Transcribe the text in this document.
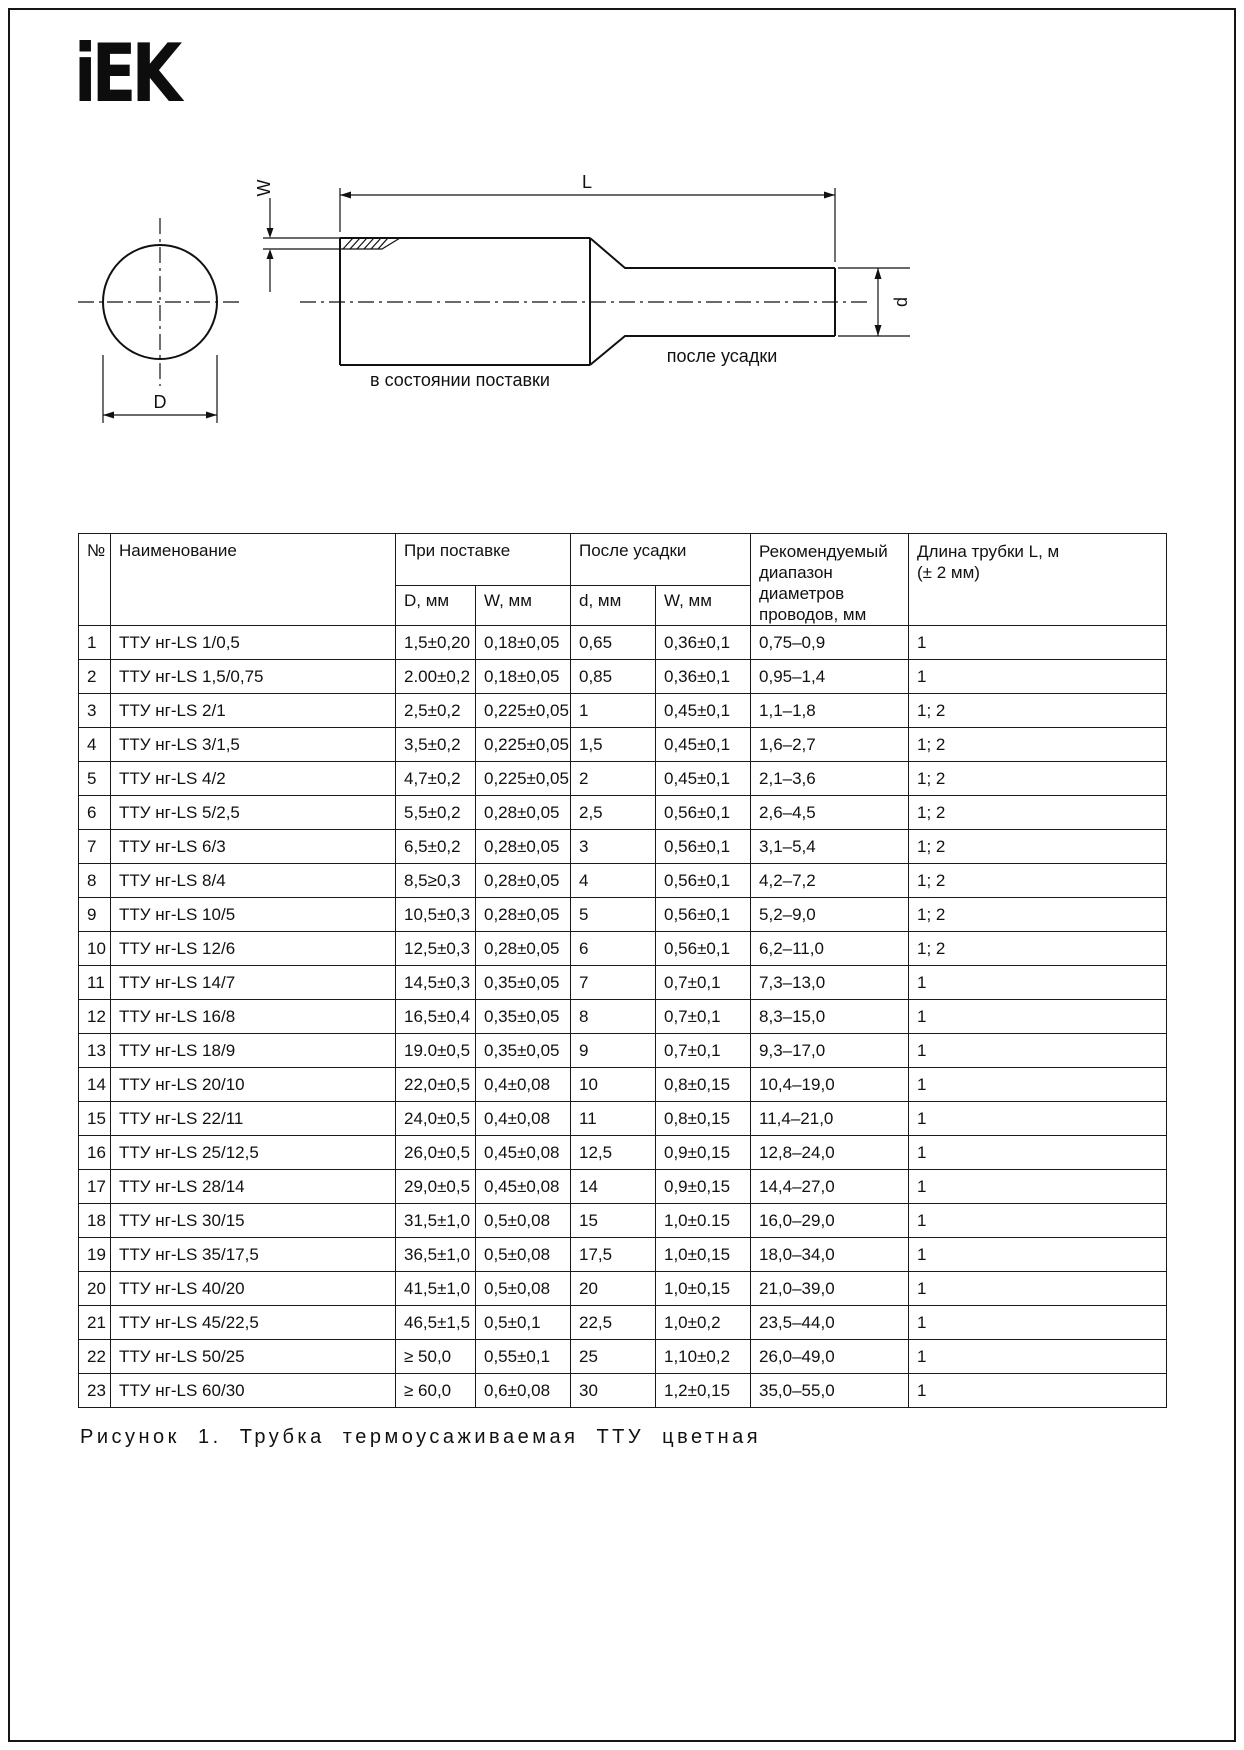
iEK
D
L
W
d
после усадки
в состоянии поставки
№	Наименование	При поставке		После усадки		Рекомендуемый диапазон диаметров проводов, мм	Длина трубки L, м
(± 2 мм)

		D, мм	W, мм	d, мм	W, мм		
1	ТТУ нг-LS 1/0,5	1,5±0,20	0,18±0,05	0,65	0,36±0,1	0,75–0,9	1
2	ТТУ нг-LS 1,5/0,75	2.00±0,2	0,18±0,05	0,85	0,36±0,1	0,95–1,4	1
3	ТТУ нг-LS 2/1	2,5±0,2	0,225±0,05	1	0,45±0,1	1,1–1,8	1; 2
4	ТТУ нг-LS 3/1,5	3,5±0,2	0,225±0,05	1,5	0,45±0,1	1,6–2,7	1; 2
5	ТТУ нг-LS 4/2	4,7±0,2	0,225±0,05	2	0,45±0,1	2,1–3,6	1; 2
6	ТТУ нг-LS 5/2,5	5,5±0,2	0,28±0,05	2,5	0,56±0,1	2,6–4,5	1; 2
7	ТТУ нг-LS 6/3	6,5±0,2	0,28±0,05	3	0,56±0,1	3,1–5,4	1; 2
8	ТТУ нг-LS 8/4	8,5≥0,3	0,28±0,05	4	0,56±0,1	4,2–7,2	1; 2
9	ТТУ нг-LS 10/5	10,5±0,3	0,28±0,05	5	0,56±0,1	5,2–9,0	1; 2
10	ТТУ нг-LS 12/6	12,5±0,3	0,28±0,05	6	0,56±0,1	6,2–11,0	1; 2
11	ТТУ нг-LS 14/7	14,5±0,3	0,35±0,05	7	0,7±0,1	7,3–13,0	1
12	ТТУ нг-LS 16/8	16,5±0,4	0,35±0,05	8	0,7±0,1	8,3–15,0	1
13	ТТУ нг-LS 18/9	19.0±0,5	0,35±0,05	9	0,7±0,1	9,3–17,0	1
14	ТТУ нг-LS 20/10	22,0±0,5	0,4±0,08	10	0,8±0,15	10,4–19,0	1
15	ТТУ нг-LS 22/11	24,0±0,5	0,4±0,08	11	0,8±0,15	11,4–21,0	1
16	ТТУ нг-LS 25/12,5	26,0±0,5	0,45±0,08	12,5	0,9±0,15	12,8–24,0	1
17	ТТУ нг-LS 28/14	29,0±0,5	0,45±0,08	14	0,9±0,15	14,4–27,0	1
18	ТТУ нг-LS 30/15	31,5±1,0	0,5±0,08	15	1,0±0.15	16,0–29,0	1
19	ТТУ нг-LS 35/17,5	36,5±1,0	0,5±0,08	17,5	1,0±0,15	18,0–34,0	1
20	ТТУ нг-LS 40/20	41,5±1,0	0,5±0,08	20	1,0±0,15	21,0–39,0	1
21	ТТУ нг-LS 45/22,5	46,5±1,5	0,5±0,1	22,5	1,0±0,2	23,5–44,0	1
22	ТТУ нг-LS 50/25	≥ 50,0	0,55±0,1	25	1,10±0,2	26,0–49,0	1
23	ТТУ нг-LS 60/30	≥ 60,0	0,6±0,08	30	1,2±0,15	35,0–55,0	1
Рисунок 1. Трубка термоусаживаемая ТТУ цветная
